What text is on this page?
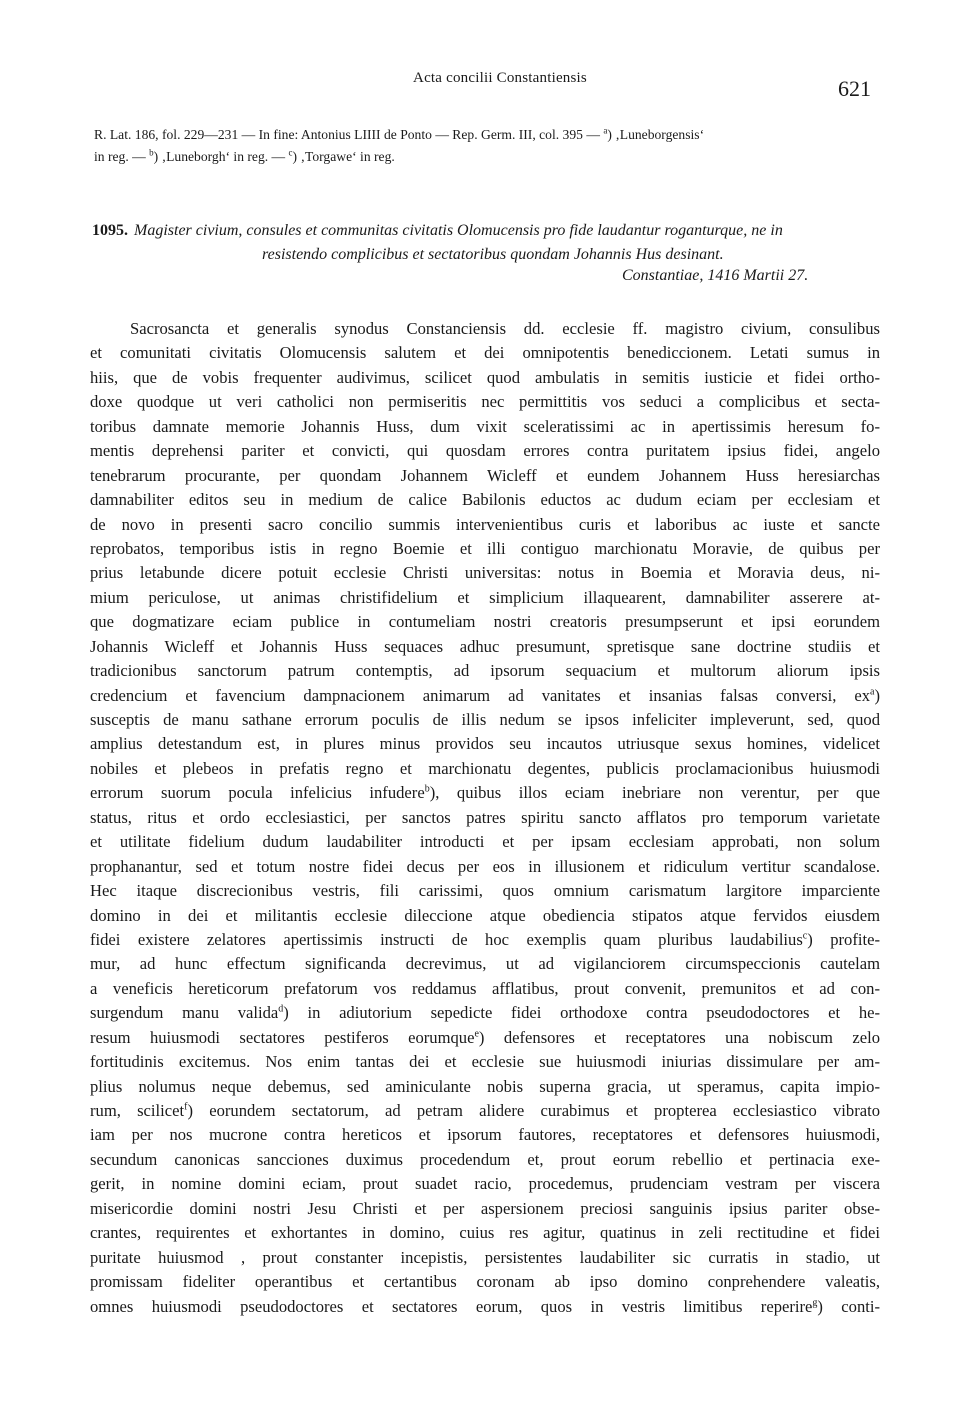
Acta concilii Constantiensis	621
R. Lat. 186, fol. 229—231 — In fine: Antonius LIIII de Ponto — Rep. Germ. III, col. 395 — $^a$) ‚Luneborgensis‘
in reg. — $^b$) ‚Luneborgh‘ in reg. — $^c$) ‚Torgawe‘ in reg.
1095. Magister civium, consules et communitas civitatis Olomucensis pro fide laudantur roganturque, ne in
resistendo complicibus et sectatoribus quondam Johannis Hus desinant.
Constantiae, 1416 Martii 27.
Sacrosancta et generalis synodus Constanciensis dd. ecclesie ff. magistro civium, consulibus
et comunitati civitatis Olomucensis salutem et dei omnipotentis benediccionem. Letati sumus in
hiis, que de vobis frequenter audivimus, scilicet quod ambulatis in semitis iusticie et fidei ortho-
doxe quodque ut veri catholici non permiseritis nec permittitis vos seduci a complicibus et secta-
toribus damnate memorie Johannis Huss, dum vixit sceleratissimi ac in apertissimis heresum fo-
mentis deprehensi pariter et convicti, qui quosdam errores contra puritatem ipsius fidei, angelo
tenebrarum procurante, per quondam Johannem Wicleff et eundem Johannem Huss heresiarchas
damnabiliter editos seu in medium de calice Babilonis eductos ac dudum eciam per ecclesiam et
de novo in presenti sacro concilio summis intervenientibus curis et laboribus ac iuste et sancte
reprobatos, temporibus istis in regno Boemie et illi contiguo marchionatu Moravie, de quibus per
prius letabunde dicere potuit ecclesie Christi universitas: notus in Boemia et Moravia deus, ni-
mium periculose, ut animas christifidelium et simplicium illaquearent, damnabiliter asserere at-
que dogmatizare eciam publice in contumeliam nostri creatoris presumpserunt et ipsi eorundem
Johannis Wicleff et Johannis Huss sequaces adhuc presumunt, spretisque sane doctrine studiis et
tradicionibus sanctorum patrum contemptis, ad ipsorum sequacium et multorum aliorum ipsis
credencium et favencium dampnacionem animarum ad vanitates et insanias falsas conversi, $ex^a$)
susceptis de manu sathane errorum poculis de illis nedum se ipsos infeliciter impleverunt, sed, quod
amplius detestandum est, in plures minus providos seu incautos utriusque sexus homines, videlicet
nobiles et plebeos in prefatis regno et marchionatu degentes, publicis proclamacionibus huiusmodi
errorum suorum pocula infelicius infudere$^b$), quibus illos eciam inebriare non verentur, per que
status, ritus et ordo ecclesiastici, per sanctos patres spiritu sancto afflatos pro temporum varietate
et utilitate fidelium dudum laudabiliter introducti et per ipsam ecclesiam approbati, non solum
prophanantur, sed et totum nostre fidei decus per eos in illusionem et ridiculum vertitur scandalose.
Hec itaque discrecionibus vestris, fili carissimi, quos omnium carismatum largitore imparciente
domino in dei et militantis ecclesie dileccione atque obediencia stipatos atque fervidos eiusdem
fidei existere zelatores apertissimis instructi de hoc exemplis quam pluribus laudabilius$^c$) profite-
mur, ad hunc effectum significanda decrevimus, ut ad vigilanciorem circumspeccionis cautelam
a veneficis hereticorum prefatorum vos reddamus afflatibus, prout convenit, premunitos et ad con-
surgendum manu valida$^d$) in adiutorium sepedicte fidei orthodoxe contra pseudodoctores et he-
resum huiusmodi sectatores pestiferos eorumque$^e$) defensores et receptatores una nobiscum zelo
fortitudinis excitemus. Nos enim tantas dei et ecclesie sue huiusmodi iniurias dissimulare per am-
plius nolumus neque debemus, sed aminiculante nobis superna gracia, ut speramus, capita impio-
rum, scilicet$^f$) eorundem sectatorum, ad petram alidere curabimus et propterea ecclesiastico vibrato
iam per nos mucrone contra hereticos et ipsorum fautores, receptatores et defensores huiusmodi,
secundum canonicas sancciones duximus procedendum et, prout eorum rebellio et pertinacia exe-
gerit, in nomine domini eciam, prout suadet racio, procedemus, prudenciam vestram per viscera
misericordie domini nostri Jesu Christi et per aspersionem preciosi sanguinis ipsius pariter obse-
crantes, requirentes et exhortantes in domino, cuius res agitur, quatinus in zeli rectitudine et fidei
puritate huiusmod , prout constanter incepistis, persistentes laudabiliter sic curratis in stadio, ut
promissam fideliter operantibus et certantibus coronam ab ipso domino conprehendere valeatis,
omnes huiusmodi pseudodoctores et sectatores eorum, quos in vestris limitibus reperire$^g$) conti-
